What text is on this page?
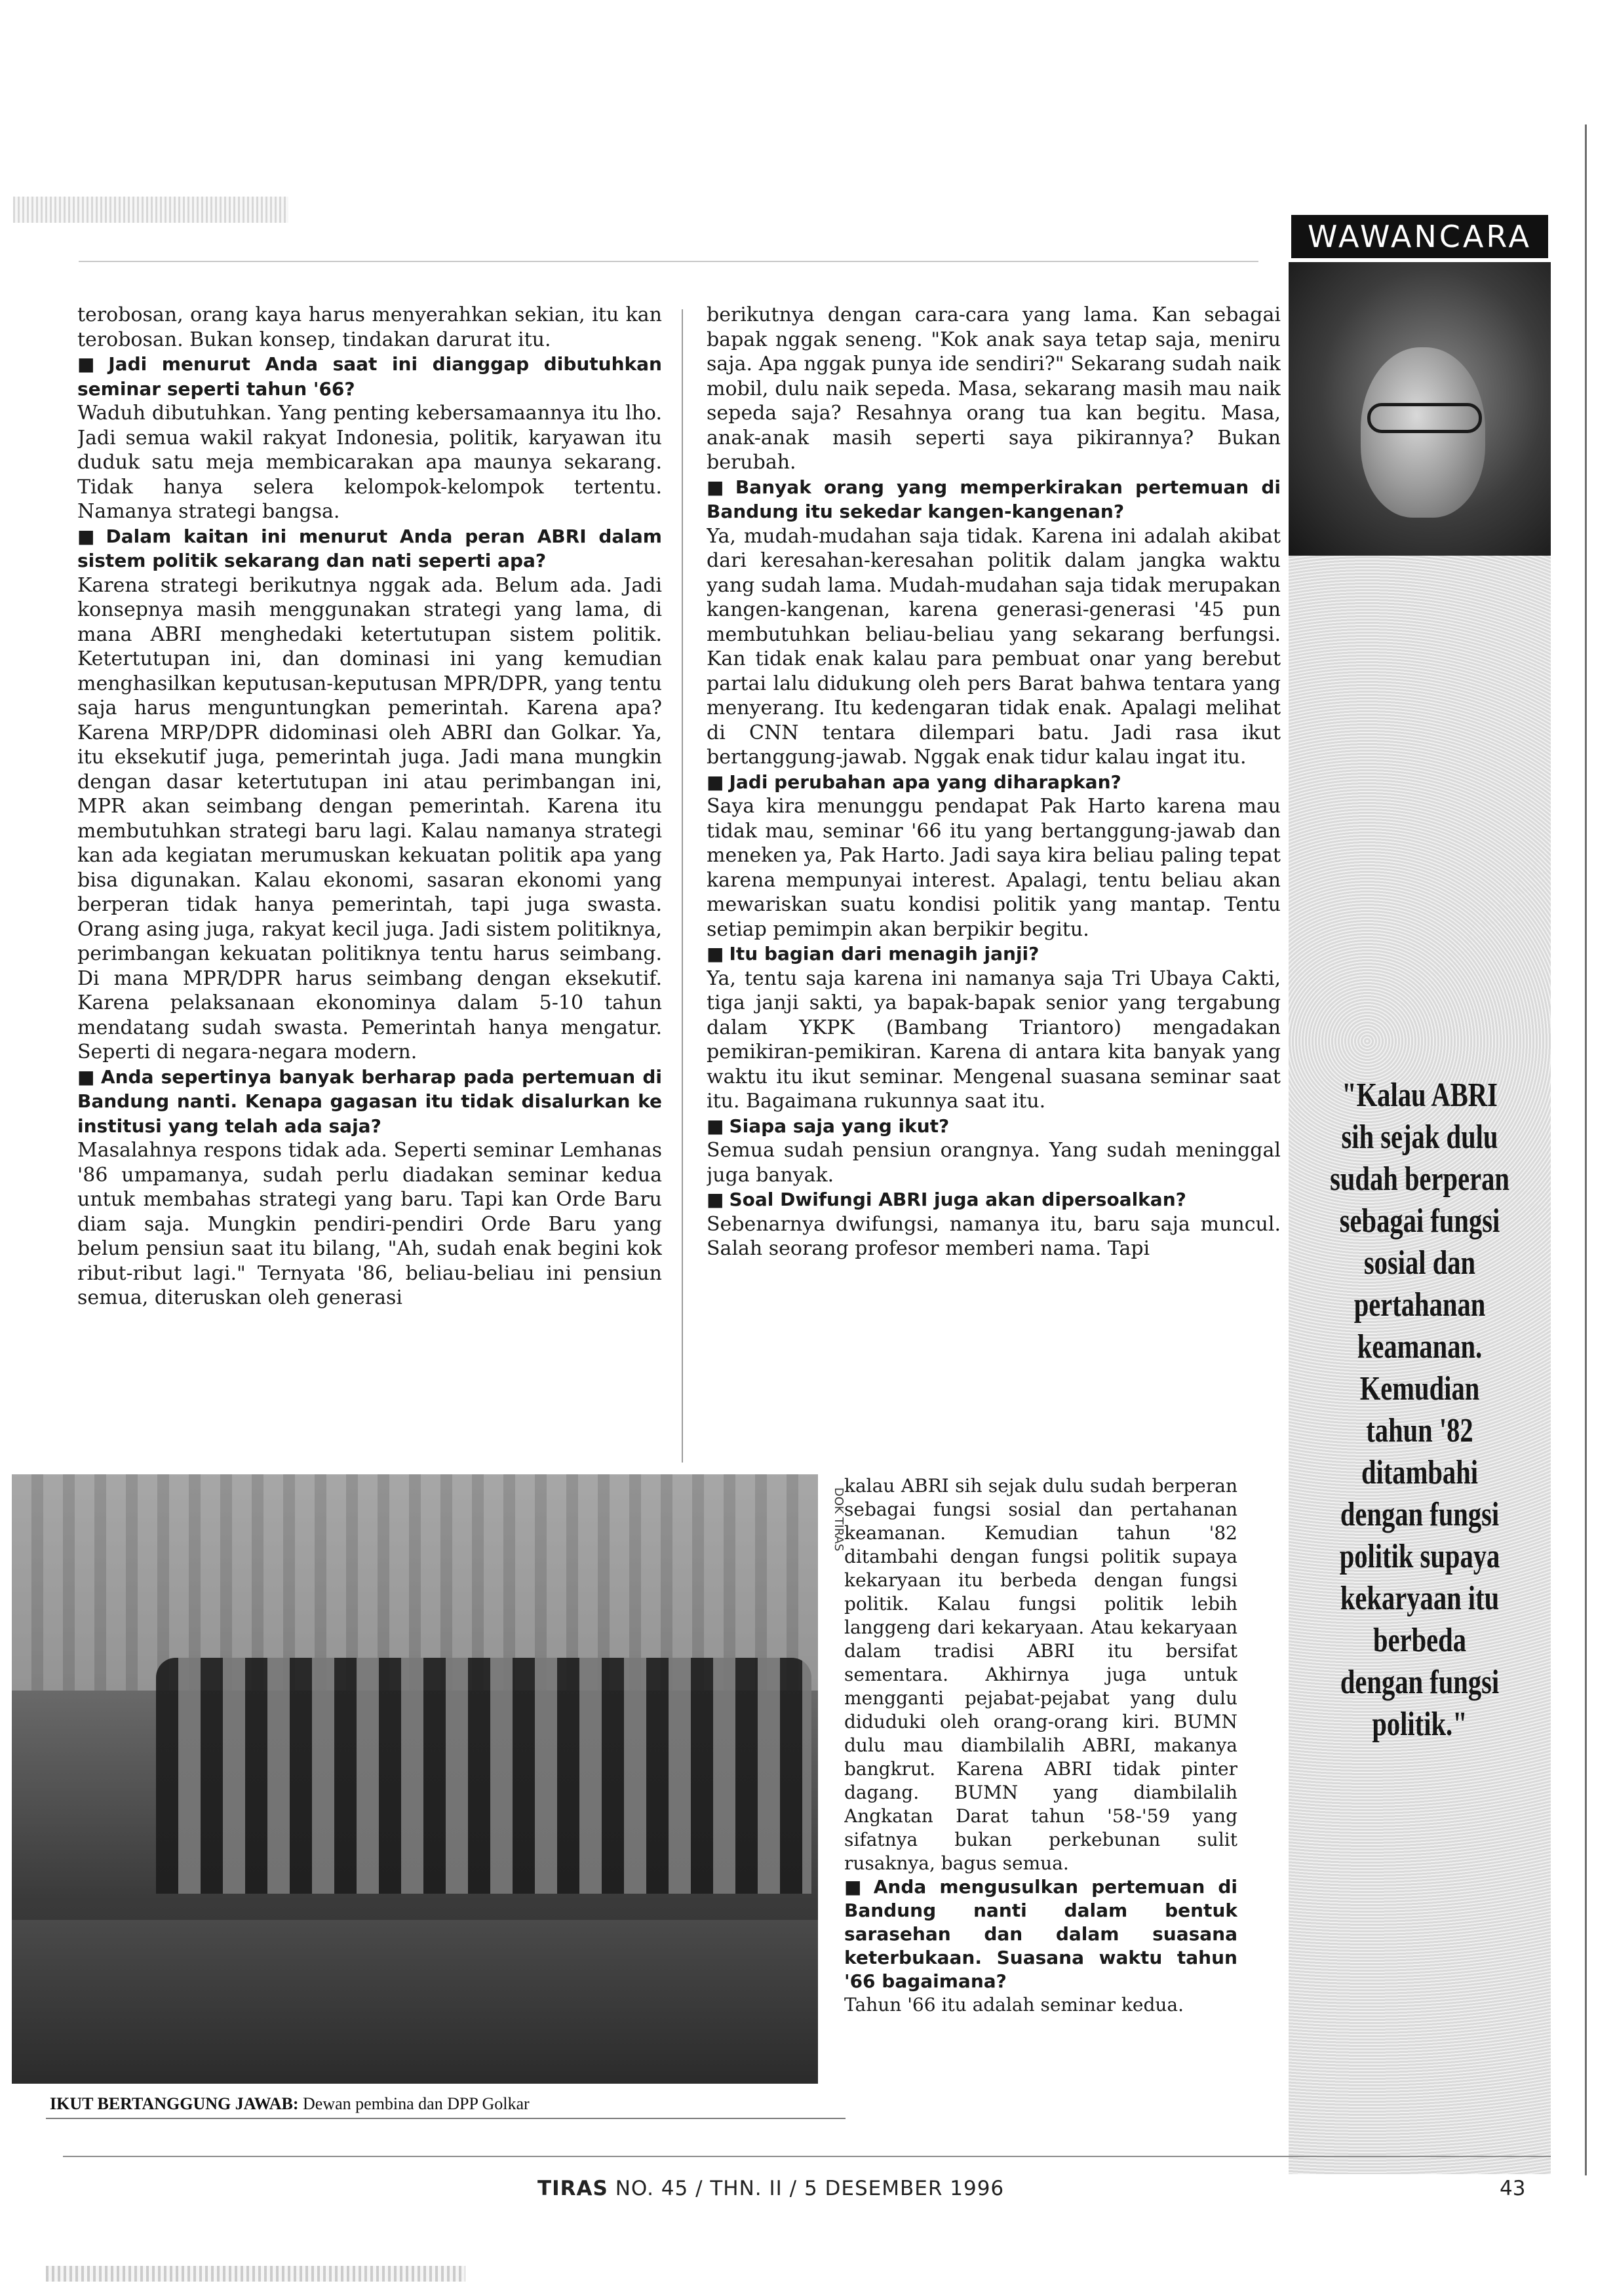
WAWANCARA

terobosan, orang kaya harus menyerahkan sekian, itu kan terobosan. Bukan konsep, tindakan darurat itu.

■ Jadi menurut Anda saat ini dianggap dibutuhkan seminar seperti tahun '66?

Waduh dibutuhkan. Yang penting kebersamaannya itu lho. Jadi semua wakil rakyat Indonesia, politik, karyawan itu duduk satu meja membicarakan apa maunya sekarang. Tidak hanya selera kelompok-kelompok tertentu. Namanya strategi bangsa.

■ Dalam kaitan ini menurut Anda peran ABRI dalam sistem politik sekarang dan nati seperti apa?

Karena strategi berikutnya nggak ada. Belum ada. Jadi konsepnya masih menggunakan strategi yang lama, di mana ABRI menghedaki ketertutupan sistem politik. Ketertutupan ini, dan dominasi ini yang kemudian menghasilkan keputusan-keputusan MPR/DPR, yang tentu saja harus menguntungkan pemerintah. Karena apa? Karena MRP/DPR didominasi oleh ABRI dan Golkar. Ya, itu eksekutif juga, pemerintah juga. Jadi mana mungkin dengan dasar ketertutupan ini atau perimbangan ini, MPR akan seimbang dengan pemerintah. Karena itu membutuhkan strategi baru lagi. Kalau namanya strategi kan ada kegiatan merumuskan kekuatan politik apa yang bisa digunakan. Kalau ekonomi, sasaran ekonomi yang berperan tidak hanya pemerintah, tapi juga swasta. Orang asing juga, rakyat kecil juga. Jadi sistem politiknya, perimbangan kekuatan politiknya tentu harus seimbang. Di mana MPR/DPR harus seimbang dengan eksekutif. Karena pelaksanaan ekonominya dalam 5-10 tahun mendatang sudah swasta. Pemerintah hanya mengatur. Seperti di negara-negara modern.

■ Anda sepertinya banyak berharap pada pertemuan di Bandung nanti. Kenapa gagasan itu tidak disalurkan ke institusi yang telah ada saja?

Masalahnya respons tidak ada. Seperti seminar Lemhanas '86 umpamanya, sudah perlu diadakan seminar kedua untuk membahas strategi yang baru. Tapi kan Orde Baru diam saja. Mungkin pendiri-pendiri Orde Baru yang belum pensiun saat itu bilang, "Ah, sudah enak begini kok ribut-ribut lagi." Ternyata '86, beliau-beliau ini pensiun semua, diteruskan oleh generasi

berikutnya dengan cara-cara yang lama. Kan sebagai bapak nggak seneng. "Kok anak saya tetap saja, meniru saja. Apa nggak punya ide sendiri?" Sekarang sudah naik mobil, dulu naik sepeda. Masa, sekarang masih mau naik sepeda saja? Resahnya orang tua kan begitu. Masa, anak-anak masih seperti saya pikirannya? Bukan berubah.

■ Banyak orang yang memperkirakan pertemuan di Bandung itu sekedar kangen-kangenan?

Ya, mudah-mudahan saja tidak. Karena ini adalah akibat dari keresahan-keresahan politik dalam jangka waktu yang sudah lama. Mudah-mudahan saja tidak merupakan kangen-kangenan, karena generasi-generasi '45 pun membutuhkan beliau-beliau yang sekarang berfungsi. Kan tidak enak kalau para pembuat onar yang berebut partai lalu didukung oleh pers Barat bahwa tentara yang menyerang. Itu kedengaran tidak enak. Apalagi melihat di CNN tentara dilempari batu. Jadi rasa ikut bertanggung-jawab. Nggak enak tidur kalau ingat itu.

■ Jadi perubahan apa yang diharapkan?

Saya kira menunggu pendapat Pak Harto karena mau tidak mau, seminar '66 itu yang bertanggung-jawab dan meneken ya, Pak Harto. Jadi saya kira beliau paling tepat karena mempunyai interest. Apalagi, tentu beliau akan mewariskan suatu kondisi politik yang mantap. Tentu setiap pemimpin akan berpikir begitu.

■ Itu bagian dari menagih janji?

Ya, tentu saja karena ini namanya saja Tri Ubaya Cakti, tiga janji sakti, ya bapak-bapak senior yang tergabung dalam YKPK (Bambang Triantoro) mengadakan pemikiran-pemikiran. Karena di antara kita banyak yang waktu itu ikut seminar. Mengenal suasana seminar saat itu. Bagaimana rukunnya saat itu.

■ Siapa saja yang ikut?

Semua sudah pensiun orangnya. Yang sudah meninggal juga banyak.

■ Soal Dwifungi ABRI juga akan dipersoalkan?

Sebenarnya dwifungsi, namanya itu, baru saja muncul. Salah seorang profesor memberi nama. Tapi

kalau ABRI sih sejak dulu sudah berperan sebagai fungsi sosial dan pertahanan keamanan. Kemudian tahun '82 ditambahi dengan fungsi politik supaya kekaryaan itu berbeda dengan fungsi politik. Kalau fungsi politik lebih langgeng dari kekaryaan. Atau kekaryaan dalam tradisi ABRI itu bersifat sementara. Akhirnya juga untuk mengganti pejabat-pejabat yang dulu diduduki oleh orang-orang kiri. BUMN dulu mau diambilalih ABRI, makanya bangkrut. Karena ABRI tidak pinter dagang. BUMN yang diambilalih Angkatan Darat tahun '58-'59 yang sifatnya bukan perkebunan sulit rusaknya, bagus semua.

■ Anda mengusulkan pertemuan di Bandung nanti dalam bentuk sarasehan dan dalam suasana keterbukaan. Suasana waktu tahun '66 bagaimana?

Tahun '66 itu adalah seminar kedua.

"Kalau ABRI sih sejak dulu sudah berperan sebagai fungsi sosial dan pertahanan keamanan. Kemudian tahun '82 ditambahi dengan fungsi politik supaya kekaryaan itu berbeda dengan fungsi politik."
DOK TIRAS
IKUT BERTANGGUNG JAWAB: Dewan pembina dan DPP Golkar
TIRAS NO. 45 / THN. II / 5 DESEMBER 1996	43
